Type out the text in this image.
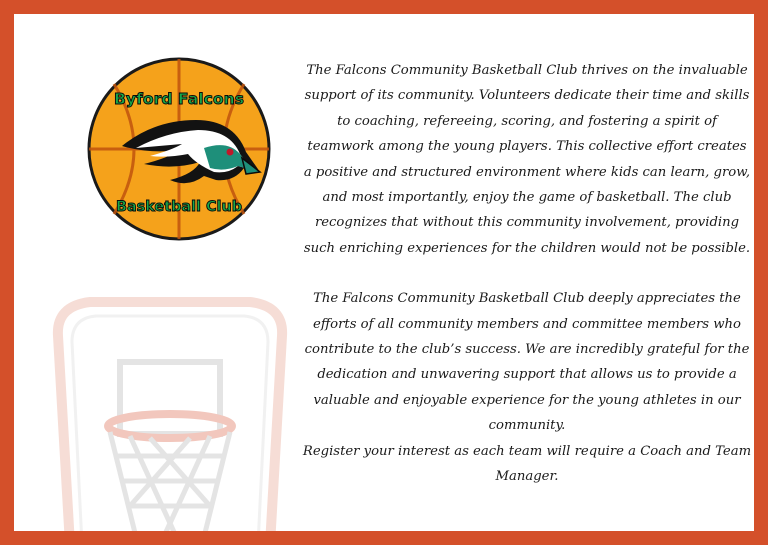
Byford Falcons
Basketball Club

The Falcons Community Basketball Club thrives on the invaluable support of its community. Volunteers dedicate their time and skills to coaching, refereeing, scoring, and fostering a spirit of teamwork among the young players. This collective effort creates a positive and structured environment where kids can learn, grow, and most importantly, enjoy the game of basketball. The club recognizes that without this community involvement, providing such enriching experiences for the children would not be possible.

The Falcons Community Basketball Club deeply appreciates the efforts of all community members and committee members who contribute to the club’s success. We are incredibly grateful for the dedication and unwavering support that allows us to provide a valuable and enjoyable experience for the young athletes in our community.

Register your interest as each team will require a Coach and Team Manager.
